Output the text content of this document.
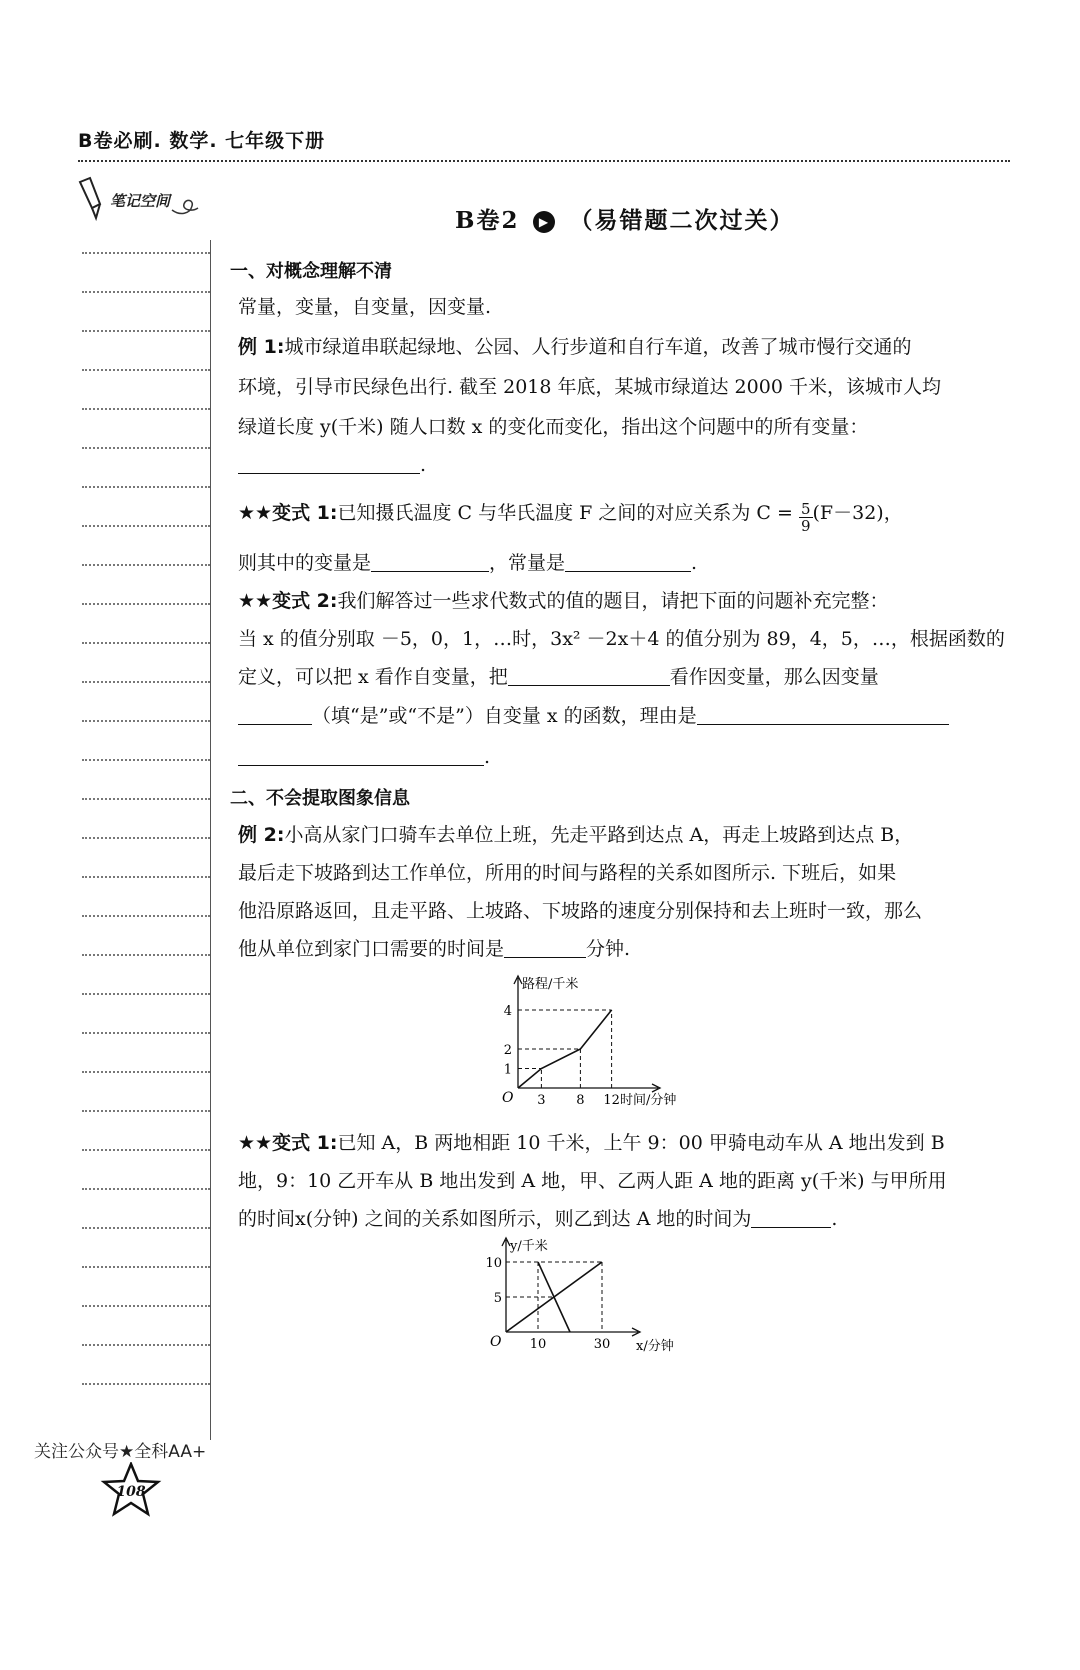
B卷必刷. 数学. 七年级下册
笔记空间
B卷2 ▶ （易错题二次过关）
一、对概念理解不清
常量，变量，自变量，因变量.
例 1:城市绿道串联起绿地、公园、人行步道和自行车道，改善了城市慢行交通的
环境，引导市民绿色出行. 截至 2018 年底，某城市绿道达 2000 千米，该城市人均
绿道长度 y(千米) 随人口数 x 的变化而变化，指出这个问题中的所有变量：
.
★★变式 1:已知摄氏温度 C 与华氏温度 F 之间的对应关系为 $C = \frac{5}{9} (F-32)$，
则其中的变量是	，常量是	.
★★变式 2:我们解答过一些求代数式的值的题目，请把下面的问题补充完整：
当 x 的值分别取 －5，0，1，…时，3x² －2x＋4 的值分别为 89，4，5，…，根据函数的
定义，可以把 x 看作自变量，把	看作因变量，那么因变量
（填“是”或“不是”）自变量 x 的函数，理由是
.
二、不会提取图象信息
例 2:小高从家门口骑车去单位上班，先走平路到达点 A，再走上坡路到达点 B，
最后走下坡路到达工作单位，所用的时间与路程的关系如图所示. 下班后，如果
他沿原路返回，且走平路、上坡路、下坡路的速度分别保持和去上班时一致，那么
他从单位到家门口需要的时间是	分钟.
路程/千米
时间/分钟
O 3
1
8
2
12
4
★★变式 1:已知 A，B 两地相距 10 千米，上午 9：00 甲骑电动车从 A 地出发到 B
地，9：10 乙开车从 B 地出发到 A 地，甲、乙两人距 A 地的距离 y(千米) 与甲所用
的时间x(分钟) 之间的关系如图所示，则乙到达 A 地的时间为	.
y/千米
x/分钟
O 10	30
5
10
关注公众号★全科AA+
108
